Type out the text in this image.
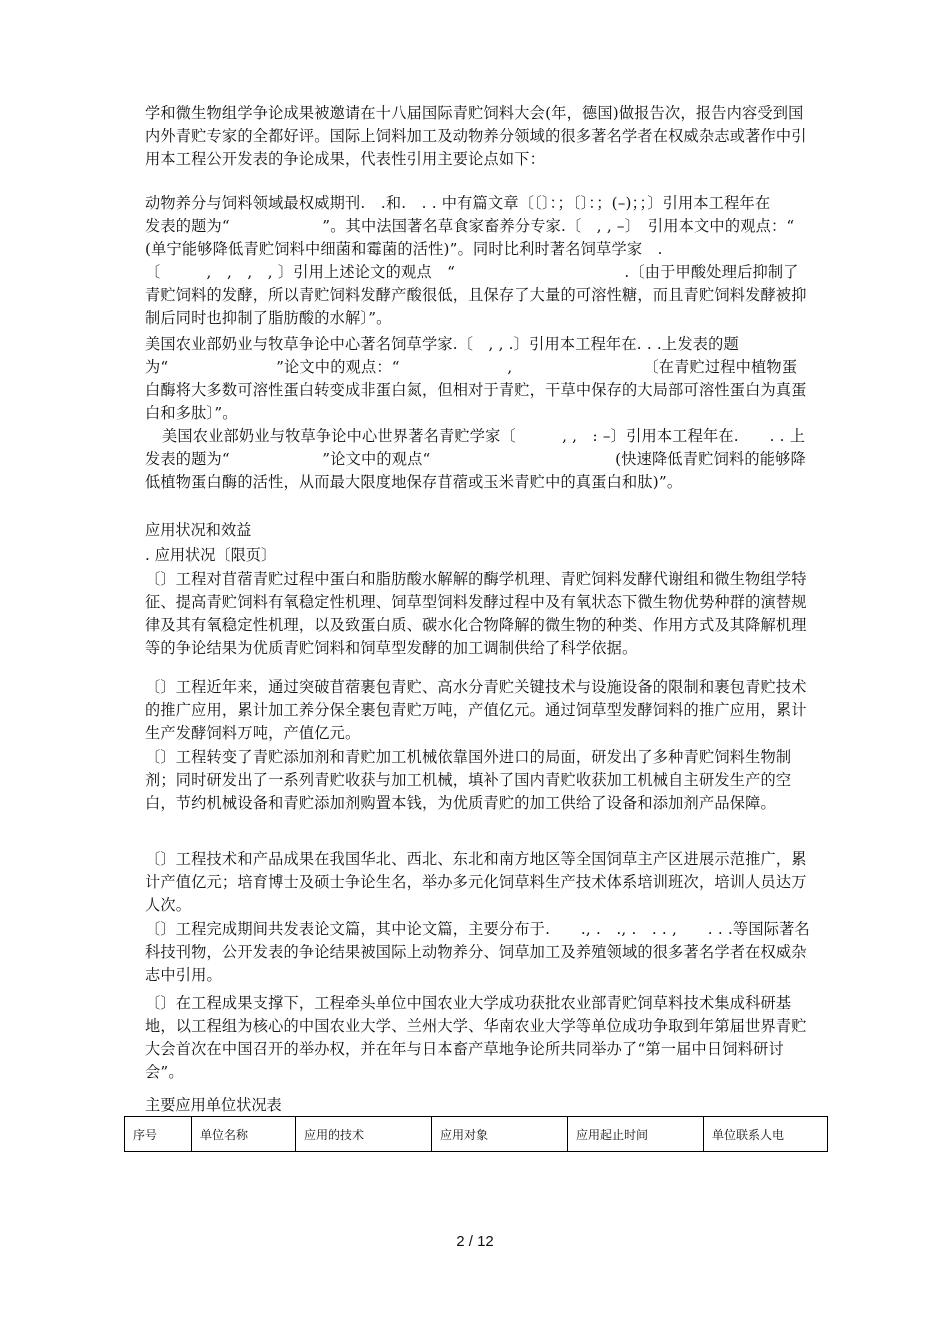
学和微生物组学争论成果被邀请在十八届国际青贮饲料大会(年，德国)做报告次，报告内容受到国内外青贮专家的全都好评。国际上饲料加工及动物养分领域的很多著名学者在权威杂志或著作中引用本工程公开发表的争论成果，代表性引用主要论点如下：

动物养分与饲料领域最权威期刊.　.和.　. . 中有篇文章〔〔〕：；〔〕：；(–)；；〕引用本工程年在　　发表的题为“　　　　　　”。其中法国著名草食家畜养分专家.〔　, , –〕　引用本文中的观点：“　　　　　　　(单宁能够降低青贮饲料中细菌和霉菌的活性)”。同时比利时著名饲草学家　.　　〔　　　,　,　,　, 〕引用上述论文的观点　“　　　　　　　　　　　.〔由于甲酸处理后抑制了青贮饲料的发酵，所以青贮饲料发酵产酸很低，且保存了大量的可溶性糖，而且青贮饲料发酵被抑制后同时也抑制了脂肪酸的水解〕”。

美国农业部奶业与牧草争论中心著名饲草学家.〔　, , .〕引用本工程年在. . .上发表的题为“　　　　　　　”论文中的观点：“　　　　　　　,　　　　　　　　　〔在青贮过程中植物蛋白酶将大多数可溶性蛋白转变成非蛋白氮，但相对于青贮，干草中保存的大局部可溶性蛋白为真蛋白和多肽〕”。

美国农业部奶业与牧草争论中心世界著名青贮学家〔　　　, ,　: –〕引用本工程年在.　　. . 上发表的题为“　　　　　　”论文中的观点“　　　　　　　　　　　　(快速降低青贮饲料的能够降低植物蛋白酶的活性，从而最大限度地保存苜蓿或玉米青贮中的真蛋白和肽)”。

应用状况和效益

. 应用状况〔限页〕

〔〕工程对苜蓿青贮过程中蛋白和脂肪酸水解解的酶学机理、青贮饲料发酵代谢组和微生物组学特征、提高青贮饲料有氧稳定性机理、饲草型饲料发酵过程中及有氧状态下微生物优势种群的演替规律及其有氧稳定性机理，以及致蛋白质、碳水化合物降解的微生物的种类、作用方式及其降解机理等的争论结果为优质青贮饲料和饲草型发酵的加工调制供给了科学依据。

〔〕工程近年来，通过突破苜蓿裹包青贮、高水分青贮关键技术与设施设备的限制和裹包青贮技术的推广应用，累计加工养分保全裹包青贮万吨，产值亿元。通过饲草型发酵饲料的推广应用，累计生产发酵饲料万吨，产值亿元。

〔〕工程转变了青贮添加剂和青贮加工机械依靠国外进口的局面，研发出了多种青贮饲料生物制剂；同时研发出了一系列青贮收获与加工机械，填补了国内青贮收获加工机械自主研发生产的空白，节约机械设备和青贮添加剂购置本钱，为优质青贮的加工供给了设备和添加剂产品保障。

〔〕工程技术和产品成果在我国华北、西北、东北和南方地区等全国饲草主产区进展示范推广，累计产值亿元；培育博士及硕士争论生名，举办多元化饲草料生产技术体系培训班次，培训人员达万人次。

〔〕工程完成期间共发表论文篇，其中论文篇，主要分布于.　　., .　., .　. . ,　　. . .等国际著名科技刊物，公开发表的争论结果被国际上动物养分、饲草加工及养殖领域的很多著名学者在权威杂志中引用。

〔〕在工程成果支撑下，工程牵头单位中国农业大学成功获批农业部青贮饲草料技术集成科研基地，以工程组为核心的中国农业大学、兰州大学、华南农业大学等单位成功争取到年第届世界青贮大会首次在中国召开的举办权，并在年与日本畜产草地争论所共同举办了“第一届中日饲料研讨会”。

主要应用单位状况表

序号	单位名称	应用的技术	应用对象	应用起止时间	单位联系人电
2 / 12
